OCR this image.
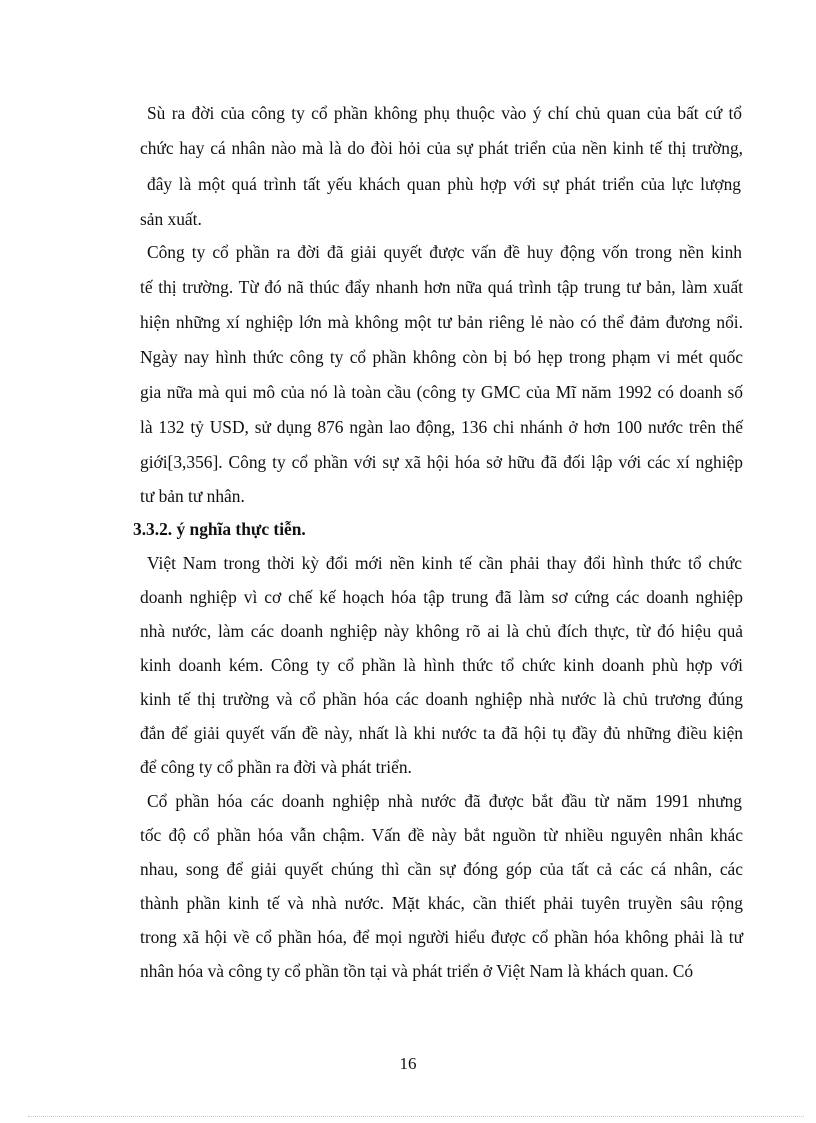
Sù ra đời của công ty cổ phần không phụ thuộc vào ý chí chủ quan của bất cứ tổ

chức hay cá nhân nào mà là do đòi hỏi của sự phát triển của nền kinh tế thị trường,

đây là một quá trình tất yếu khách quan phù hợp với sự phát triển của lực lượng

sản xuất.

Công ty cổ phần ra đời đã giải quyết được vấn đề huy động vốn trong nền kinh

tế thị trường. Từ đó nã thúc đẩy nhanh hơn nữa quá trình tập trung tư bản, làm xuất

hiện những xí nghiệp lớn mà không một tư bản riêng lẻ nào có thể đảm đương nổi.

Ngày nay hình thức công ty cổ phần không còn bị bó hẹp trong phạm vi mét quốc

gia nữa mà qui mô của nó là toàn cầu (công ty GMC của Mĩ năm 1992 có doanh số

là 132 tỷ USD, sử dụng 876 ngàn lao động, 136 chi nhánh ở hơn 100 nước trên thế

giới[3,356]. Công ty cổ phần với sự xã hội hóa sở hữu đã đối lập với các xí nghiệp

tư bản tư nhân.

3.3.2. ý nghĩa thực tiễn.

Việt Nam trong thời kỳ đổi mới nền kinh tế cần phải thay đổi hình thức tổ chức

doanh nghiệp vì cơ chế kế hoạch hóa tập trung đã làm sơ cứng các doanh nghiệp

nhà nước, làm các doanh nghiệp này không rõ ai là chủ đích thực, từ đó hiệu quả

kinh doanh kém. Công ty cổ phần là hình thức tổ chức kinh doanh phù hợp với

kinh tế thị trường và cổ phần hóa các doanh nghiệp nhà nước là chủ trương đúng

đắn để giải quyết vấn đề này, nhất là khi nước ta đã hội tụ đầy đủ những điều kiện

để công ty cổ phần ra đời và phát triển.

Cổ phần hóa các doanh nghiệp nhà nước đã được bắt đầu từ năm 1991 nhưng

tốc độ cổ phần hóa vẫn chậm. Vấn đề này bắt nguồn từ nhiều nguyên nhân khác

nhau, song để giải quyết chúng thì cần sự đóng góp của tất cả các cá nhân, các

thành phần kinh tế và nhà nước. Mặt khác, cần thiết phải tuyên truyền sâu rộng

trong xã hội về cổ phần hóa, để mọi người hiểu được cổ phần hóa không phải là tư

nhân hóa và công ty cổ phần tồn tại và phát triển ở Việt Nam là khách quan. Có

16
